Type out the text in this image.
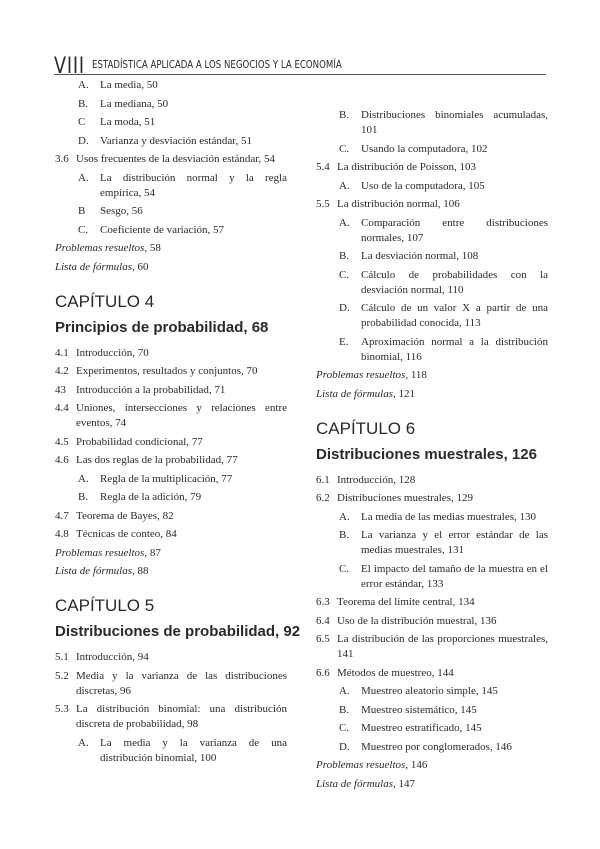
VIII ESTADÍSTICA APLICADA A LOS NEGOCIOS Y LA ECONOMÍA
A. La media, 50
B. La mediana, 50
C La moda, 51
D. Varianza y desviación estándar, 51
3.6 Usos frecuentes de la desviación estándar, 54
A. La distribución normal y la regla empírica, 54
B Sesgo, 56
C. Coeficiente de variación, 57
Problemas resueltos, 58
Lista de fórmulas, 60
CAPÍTULO 4
Principios de probabilidad, 68
4.1 Introducción, 70
4.2 Experimentos, resultados y conjuntos, 70
43 Introducción a la probabilidad, 71
4.4 Uniones, intersecciones y relaciones entre eventos, 74
4.5 Probabilidad condicional, 77
4.6 Las dos reglas de la probabilidad, 77
A. Regla de la multiplicación, 77
B. Regla de la adición, 79
4.7 Teorema de Bayes, 82
4.8 Técnicas de conteo, 84
Problemas resueltos, 87
Lista de fórmulas, 88
CAPÍTULO 5
Distribuciones de probabilidad, 92
5.1 Introducción, 94
5.2 Media y la varianza de las distribuciones discretas, 96
5.3 La distribución binomial: una distribución discreta de probabilidad, 98
A. La media y la varianza de una distribución binomial, 100
B. Distribuciones binomiales acumuladas, 101
C. Usando la computadora, 102
5.4 La distribución de Poisson, 103
A. Uso de la computadora, 105
5.5 La distribución normal, 106
A. Comparación entre distribuciones normales, 107
B. La desviación normal, 108
C. Cálculo de probabilidades con la desviación normal, 110
D. Cálculo de un valor X a partir de una probabilidad conocida, 113
E. Aproximación normal a la distribución binomial, 116
Problemas resueltos, 118
Lista de fórmulas, 121
CAPÍTULO 6
Distribuciones muestrales, 126
6.1 Introducción, 128
6.2 Distribuciones muestrales, 129
A. La media de las medias muestrales, 130
B. La varianza y el error estándar de las medias muestrales, 131
C. El impacto del tamaño de la muestra en el error estándar, 133
6.3 Teorema del límite central, 134
6.4 Uso de la distribución muestral, 136
6.5 La distribución de las proporciones muestrales, 141
6.6 Métodos de muestreo, 144
A. Muestreo aleatorio simple, 145
B. Muestreo sistemático, 145
C. Muestreo estratificado, 145
D. Muestreo por conglomerados, 146
Problemas resueltos, 146
Lista de fórmulas, 147
